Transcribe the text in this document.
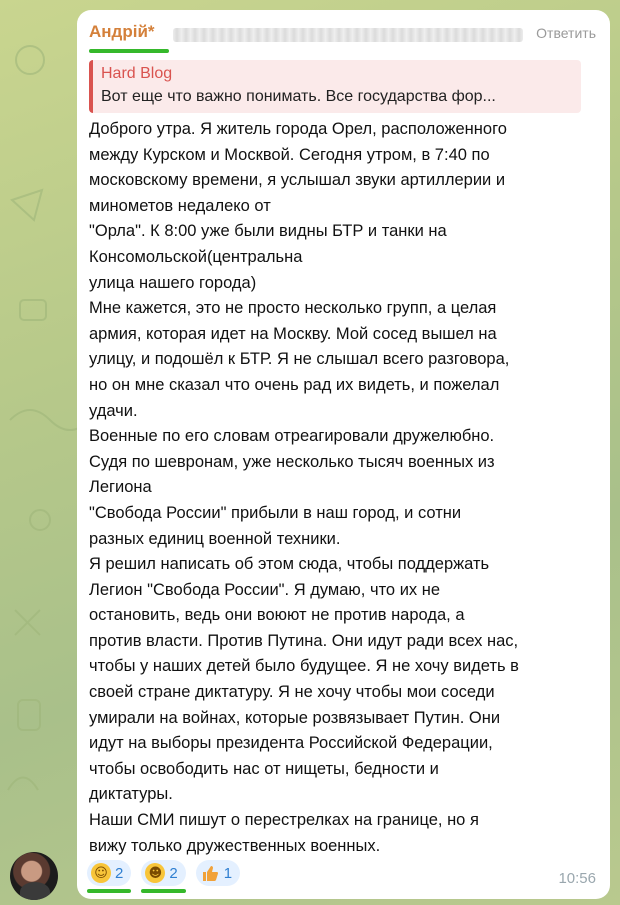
Андрій*	Ответить
Hard Blog
Вот еще что важно понимать. Все государства фор...
Доброго утра. Я житель города Орел, расположенного
между Курском и Москвой. Сегодня утром, в 7:40 по
московскому времени, я услышал звуки артиллерии и
минометов недалеко от
"Орла". К 8:00 уже были видны БТР и танки на
Консомольской(центральна
улица нашего города)
Мне кажется, это не просто несколько групп, а целая
армия, которая идет на Москву. Мой сосед вышел на
улицу, и подошёл к БТР. Я не слышал всего разговора,
но он мне сказал что очень рад их видеть, и пожелал
удачи.
Военные по его словам отреагировали дружелюбно.
Судя по шевронам, уже несколько тысяч военных из
Легиона
"Свобода России" прибыли в наш город, и сотни
разных единиц военной техники.
Я решил написать об этом сюда, чтобы поддержать
Легион "Свобода России". Я думаю, что их не
остановить, ведь они воюют не против народа, а
против власти. Против Путина. Они идут ради всех нас,
чтобы у наших детей было будущее. Я не хочу видеть в
своей стране диктатуру. Я не хочу чтобы мои соседи
умирали на войнах, которые розвязывает Путин. Они
идут на выборы президента Российской Федерации,
чтобы освободить нас от нищеты, бедности и
диктатуры.
Наши СМИ пишут о перестрелках на границе, но я
вижу только дружественных военных.
☺ 2 ☻ 2	1	10:56
